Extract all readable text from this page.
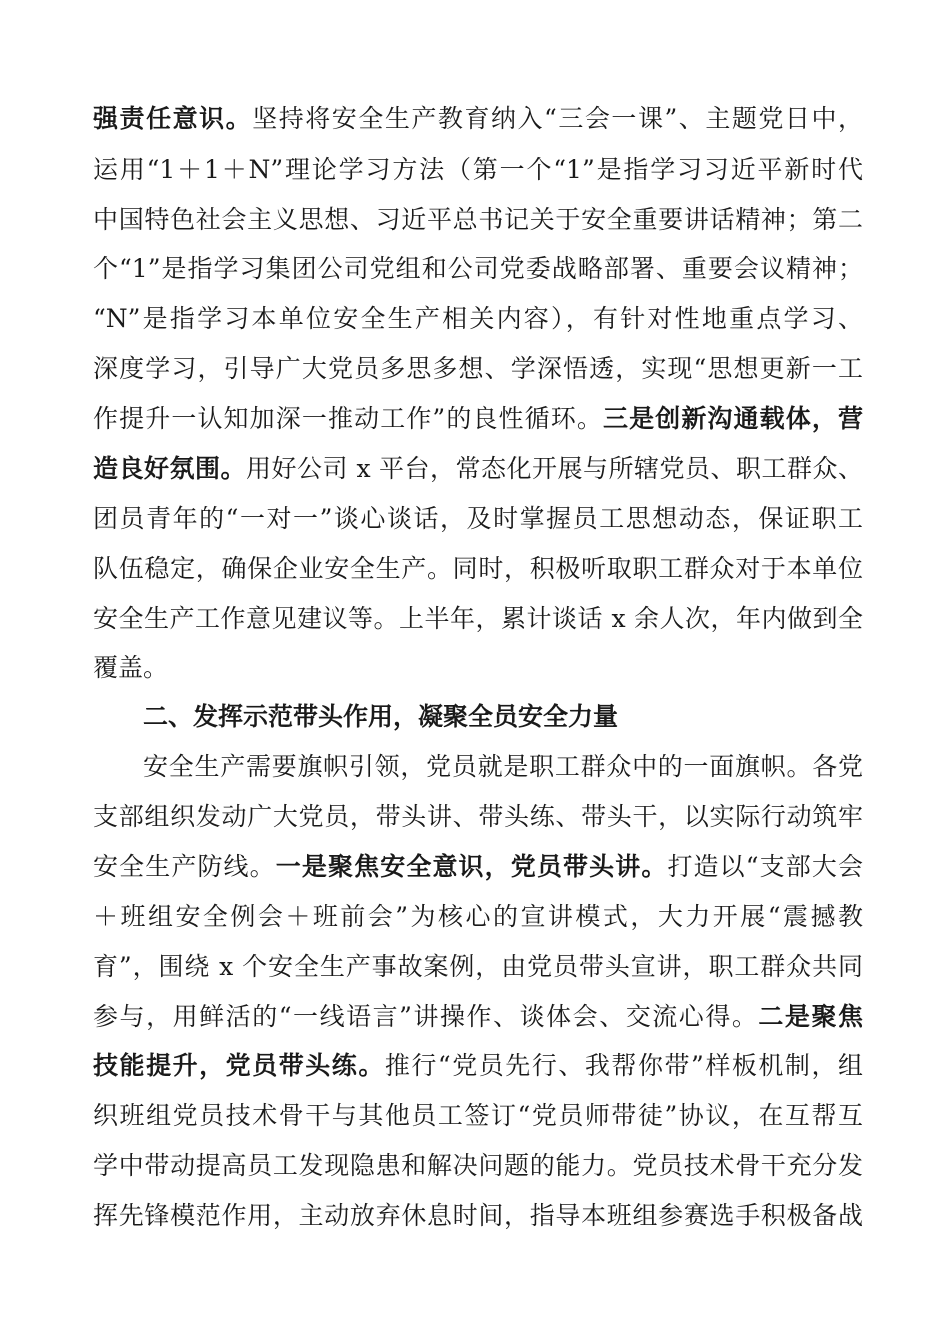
强责任意识。坚持将安全生产教育纳入“三会一课”、主题党日中，
运用“1＋1＋N”理论学习方法（第一个“1”是指学习习近平新时代
中国特色社会主义思想、习近平总书记关于安全重要讲话精神；第二
个“1”是指学习集团公司党组和公司党委战略部署、重要会议精神；
“N”是指学习本单位安全生产相关内容），有针对性地重点学习、
深度学习，引导广大党员多思多想、学深悟透，实现“思想更新一工
作提升一认知加深一推动工作”的良性循环。三是创新沟通载体，营
造良好氛围。用好公司 x 平台，常态化开展与所辖党员、职工群众、
团员青年的“一对一”谈心谈话，及时掌握员工思想动态，保证职工
队伍稳定，确保企业安全生产。同时，积极听取职工群众对于本单位
安全生产工作意见建议等。上半年，累计谈话 x 余人次，年内做到全
覆盖。
二、发挥示范带头作用，凝聚全员安全力量
安全生产需要旗帜引领，党员就是职工群众中的一面旗帜。各党
支部组织发动广大党员，带头讲、带头练、带头干，以实际行动筑牢
安全生产防线。一是聚焦安全意识，党员带头讲。打造以“支部大会
＋班组安全例会＋班前会”为核心的宣讲模式，大力开展“震撼教
育”，围绕 x 个安全生产事故案例，由党员带头宣讲，职工群众共同
参与，用鲜活的“一线语言”讲操作、谈体会、交流心得。二是聚焦
技能提升，党员带头练。推行“党员先行、我帮你带”样板机制，组
织班组党员技术骨干与其他员工签订“党员师带徒”协议，在互帮互
学中带动提高员工发现隐患和解决问题的能力。党员技术骨干充分发
挥先锋模范作用，主动放弃休息时间，指导本班组参赛选手积极备战
